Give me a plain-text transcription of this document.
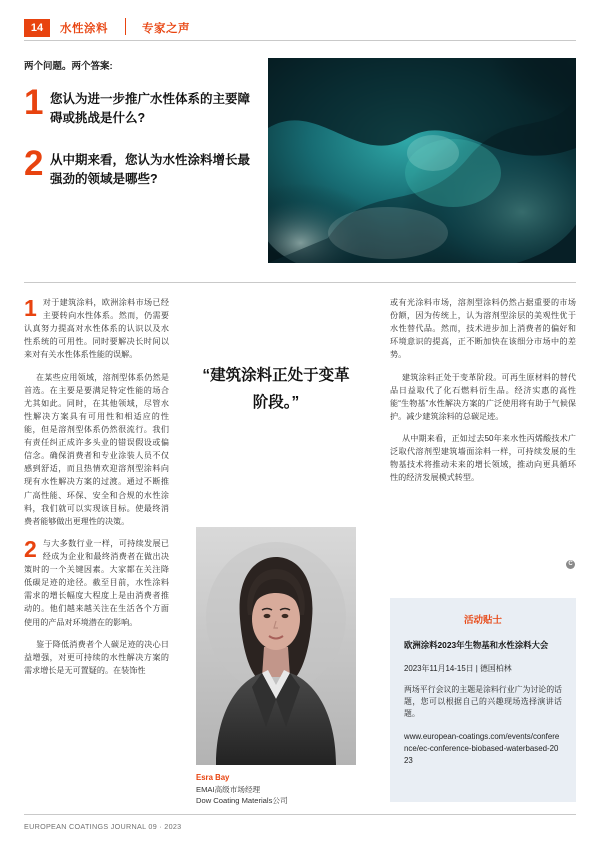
14	水性涂料	专家之声
两个问题。两个答案:
1 您认为进一步推广水性体系的主要障碍或挑战是什么?
2 从中期来看，您认为水性涂料增长最强劲的领域是哪些?

1 对于建筑涂料，欧洲涂料市场已经主要转向水性体系。然而，仍需要认真努力提高对水性体系的认识以及水性系统的可用性。同时要解决长时间以来对有关水性体系性能的误解。

在某些应用领域，溶剂型体系仍然是首选。在主要是要满足特定性能的场合尤其如此。同时，在其他领域，尽管水性解决方案具有可用性和相适应的性能，但是溶剂型体系仍然很流行。我们有责任纠正成许多头业的错误假设或偏信念。确保消费者和专业涂装人员不仅感到舒适，而且热情欢迎溶剂型涂料向现有水性解决方案的过渡。通过不断推广高性能、环保、安全和合规的水性涂料，我们就可以实现该目标。使最终消费者能够做出更理性的决策。

2 与大多数行业一样，可持续发展已经成为企业和最终消费者在做出决策时的一个关键因素。大家都在关注降低碳足迹的途径。截至目前，水性涂料需求的增长幅度大程度上是由消费者推动的。他们越来越关注在生活各个方面使用的产品对环境潜在的影响。

鉴于降低消费者个人碳足迹的决心日益增强，对更可持续的水性解决方案的需求增长是无可置疑的。在装饰性

“建筑涂料正处于变革阶段。”
Esra Bay
EMAI高级市场经理
Dow Coating Materials公司

或有光涂料市场，溶剂型涂料仍然占据重要的市场份额，因为传统上，认为溶剂型涂层的美观性优于水性替代品。然而，技术进步加上消费者的偏好和环境意识的提高，正不断加快在该细分市场中的差势。

建筑涂料正处于变革阶段。可再生原材料的替代品日益取代了化石燃料衍生品。经济实惠的高性能“生物基”水性解决方案的广泛使用将有助于气候保护。减少建筑涂料的总碳足迹。

从中期来看，正如过去50年来水性丙烯酸技术广泛取代溶剂型建筑墙面涂料一样，可持续发展的生物基技术将推动未来的增长领域，推动向更具循环性的经济发展模式转型。

C
活动贴士
欧洲涂料2023年生物基和水性涂料大会
2023年11月14-15日 | 德国柏林
两场平行会议的主题是涂料行业广为讨论的话题，您可以根据自己的兴趣现场选择演讲话题。
www.european-coatings.com/events/conference/ec-conference-biobased-waterbased-2023
EUROPEAN COATINGS JOURNAL 09 · 2023
